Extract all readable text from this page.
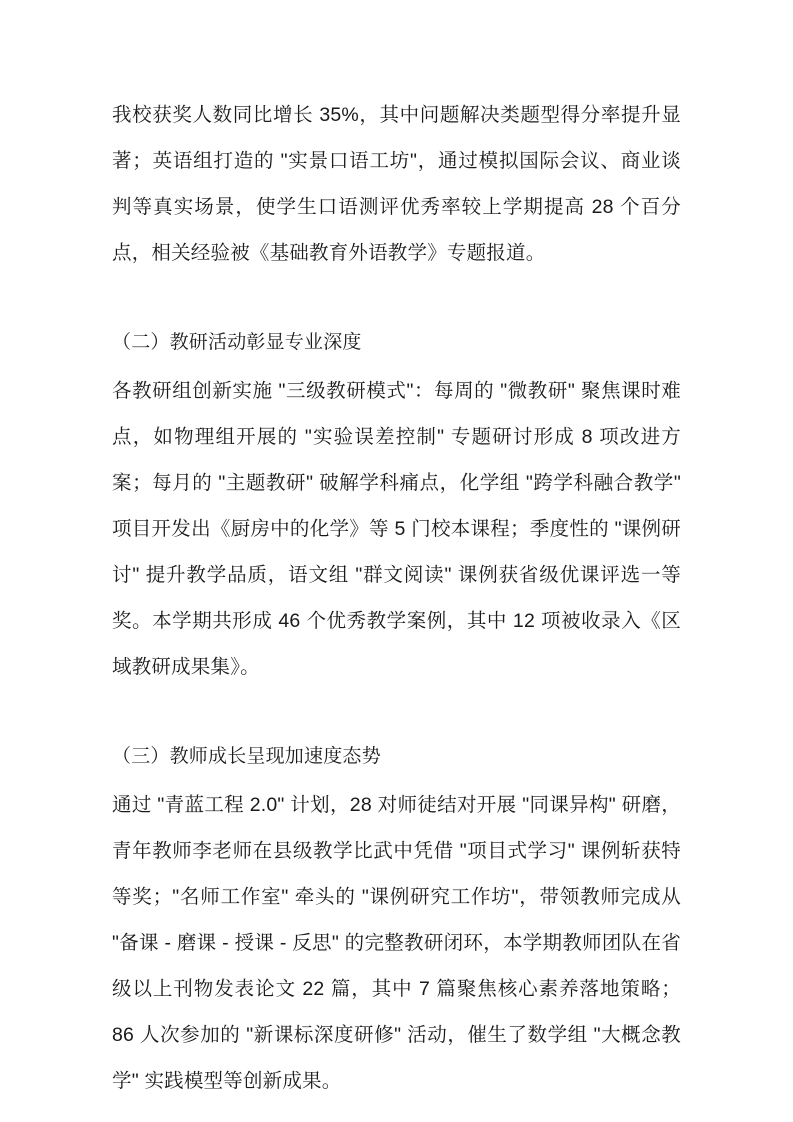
我校获奖人数同比增长 35%，其中问题解决类题型得分率提升显著；英语组打造的 "实景口语工坊"，通过模拟国际会议、商业谈判等真实场景，使学生口语测评优秀率较上学期提高 28 个百分点，相关经验被《基础教育外语教学》专题报道。

（二）教研活动彰显专业深度

各教研组创新实施 "三级教研模式"：每周的 "微教研" 聚焦课时难点，如物理组开展的 "实验误差控制" 专题研讨形成 8 项改进方案；每月的 "主题教研" 破解学科痛点，化学组 "跨学科融合教学" 项目开发出《厨房中的化学》等 5 门校本课程；季度性的 "课例研讨" 提升教学品质，语文组 "群文阅读" 课例获省级优课评选一等奖。本学期共形成 46 个优秀教学案例，其中 12 项被收录入《区域教研成果集》。

（三）教师成长呈现加速度态势

通过 "青蓝工程 2.0" 计划，28 对师徒结对开展 "同课异构" 研磨，青年教师李老师在县级教学比武中凭借 "项目式学习" 课例斩获特等奖；"名师工作室" 牵头的 "课例研究工作坊"，带领教师完成从 "备课 - 磨课 - 授课 - 反思" 的完整教研闭环，本学期教师团队在省级以上刊物发表论文 22 篇，其中 7 篇聚焦核心素养落地策略；86 人次参加的 "新课标深度研修" 活动，催生了数学组 "大概念教学" 实践模型等创新成果。
